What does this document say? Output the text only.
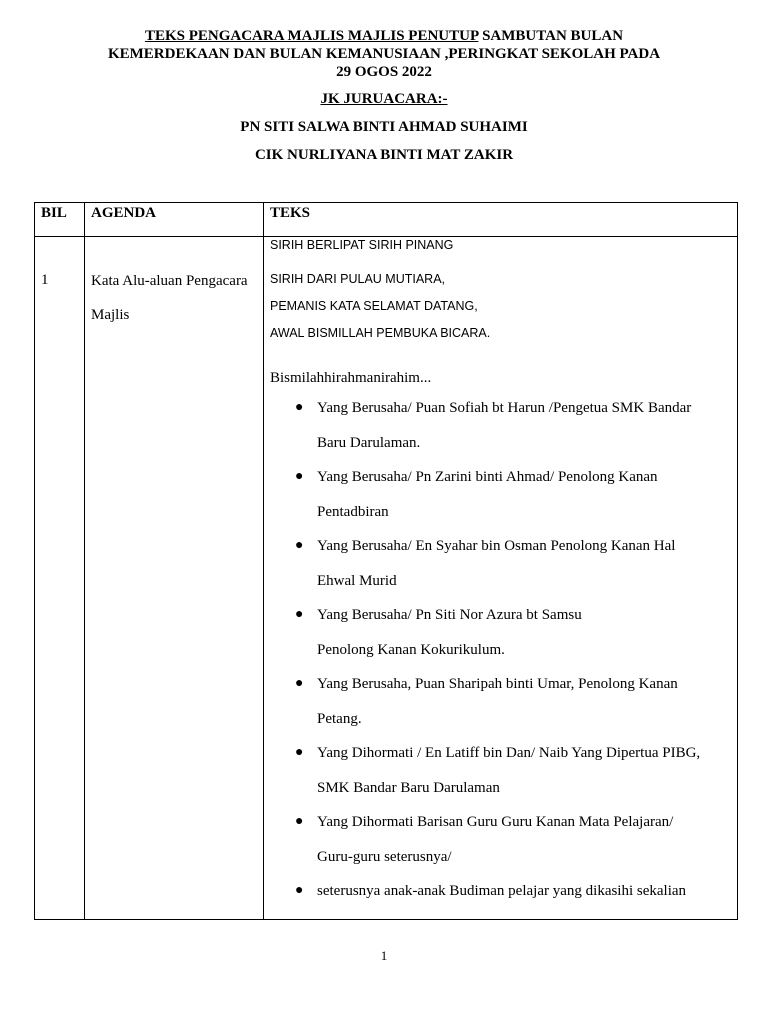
TEKS PENGACARA MAJLIS MAJLIS PENUTUP SAMBUTAN BULAN
KEMERDEKAAN DAN BULAN KEMANUSIAAN ,PERINGKAT SEKOLAH PADA
29 OGOS 2022
JK JURUACARA:-
PN SITI SALWA BINTI AHMAD SUHAIMI
CIK NURLIYANA BINTI MAT ZAKIR
BIL AGENDA	TEKS
1	Kata Alu-aluan Pengacara
Majlis
SIRIH BERLIPAT SIRIH PINANG
SIRIH DARI PULAU MUTIARA,
PEMANIS KATA SELAMAT DATANG,
AWAL BISMILLAH PEMBUKA BICARA.
Bismilahhirahmanirahim...
● Yang Berusaha/ Puan Sofiah bt Harun /Pengetua SMK Bandar
Baru Darulaman.
● Yang Berusaha/ Pn Zarini binti Ahmad/ Penolong Kanan
Pentadbiran
● Yang Berusaha/ En Syahar bin Osman Penolong Kanan Hal
Ehwal Murid
● Yang Berusaha/ Pn Siti Nor Azura bt Samsu
Penolong Kanan Kokurikulum.
● Yang Berusaha, Puan Sharipah binti Umar, Penolong Kanan
Petang.
● Yang Dihormati / En Latiff bin Dan/ Naib Yang Dipertua PIBG,
SMK Bandar Baru Darulaman
● Yang Dihormati Barisan Guru Guru Kanan Mata Pelajaran/
Guru-guru seterusnya/
● seterusnya anak-anak Budiman pelajar yang dikasihi sekalian
1
